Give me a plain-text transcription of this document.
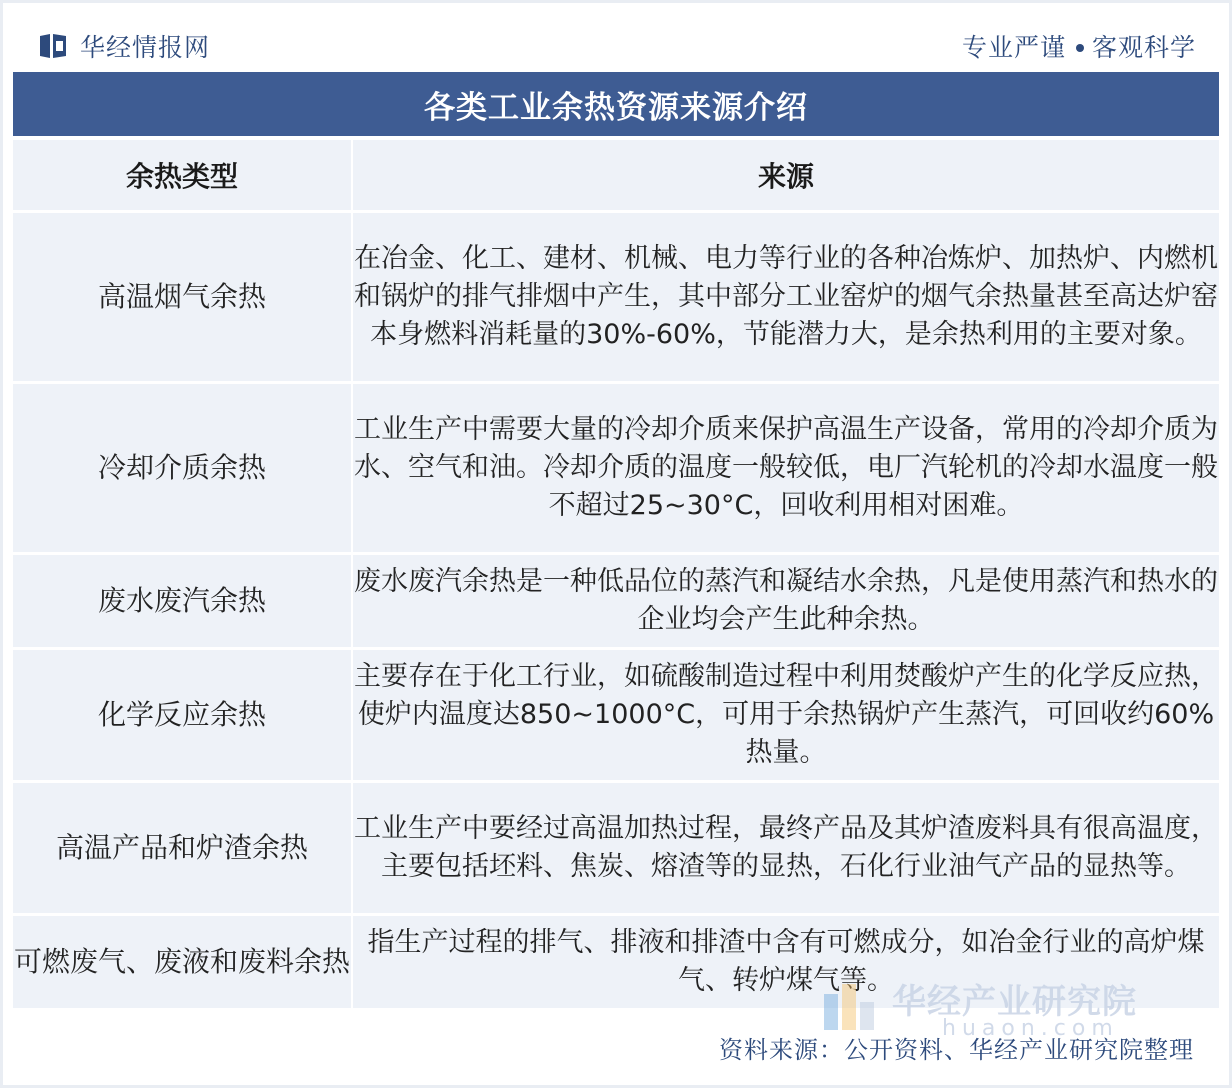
华经情报网	专业严谨 客观科学
各类工业余热资源来源介绍
余热类型	来源
高温烟气余热	在冶金、化工、建材、机械、电力等行业的各种冶炼炉、加热炉、内燃机和锅炉的排气排烟中产生，其中部分工业窑炉的烟气余热量甚至高达炉窑本身燃料消耗量的30%-60%，节能潜力大，是余热利用的主要对象。
冷却介质余热	工业生产中需要大量的冷却介质来保护高温生产设备，常用的冷却介质为水、空气和油。冷却介质的温度一般较低，电厂汽轮机的冷却水温度一般不超过25~30°C，回收利用相对困难。
废水废汽余热	废水废汽余热是一种低品位的蒸汽和凝结水余热，凡是使用蒸汽和热水的企业均会产生此种余热。
化学反应余热	主要存在于化工行业，如硫酸制造过程中利用焚酸炉产生的化学反应热，使炉内温度达850~1000°C，可用于余热锅炉产生蒸汽，可回收约60%热量。
高温产品和炉渣余热	工业生产中要经过高温加热过程，最终产品及其炉渣废料具有很高温度，主要包括坯料、焦炭、熔渣等的显热，石化行业油气产品的显热等。
可燃废气、废液和废料余热	指生产过程的排气、排液和排渣中含有可燃成分，如冶金行业的高炉煤气、转炉煤气等。
华经产业研究院
huaon.com
资料来源：公开资料、华经产业研究院整理
